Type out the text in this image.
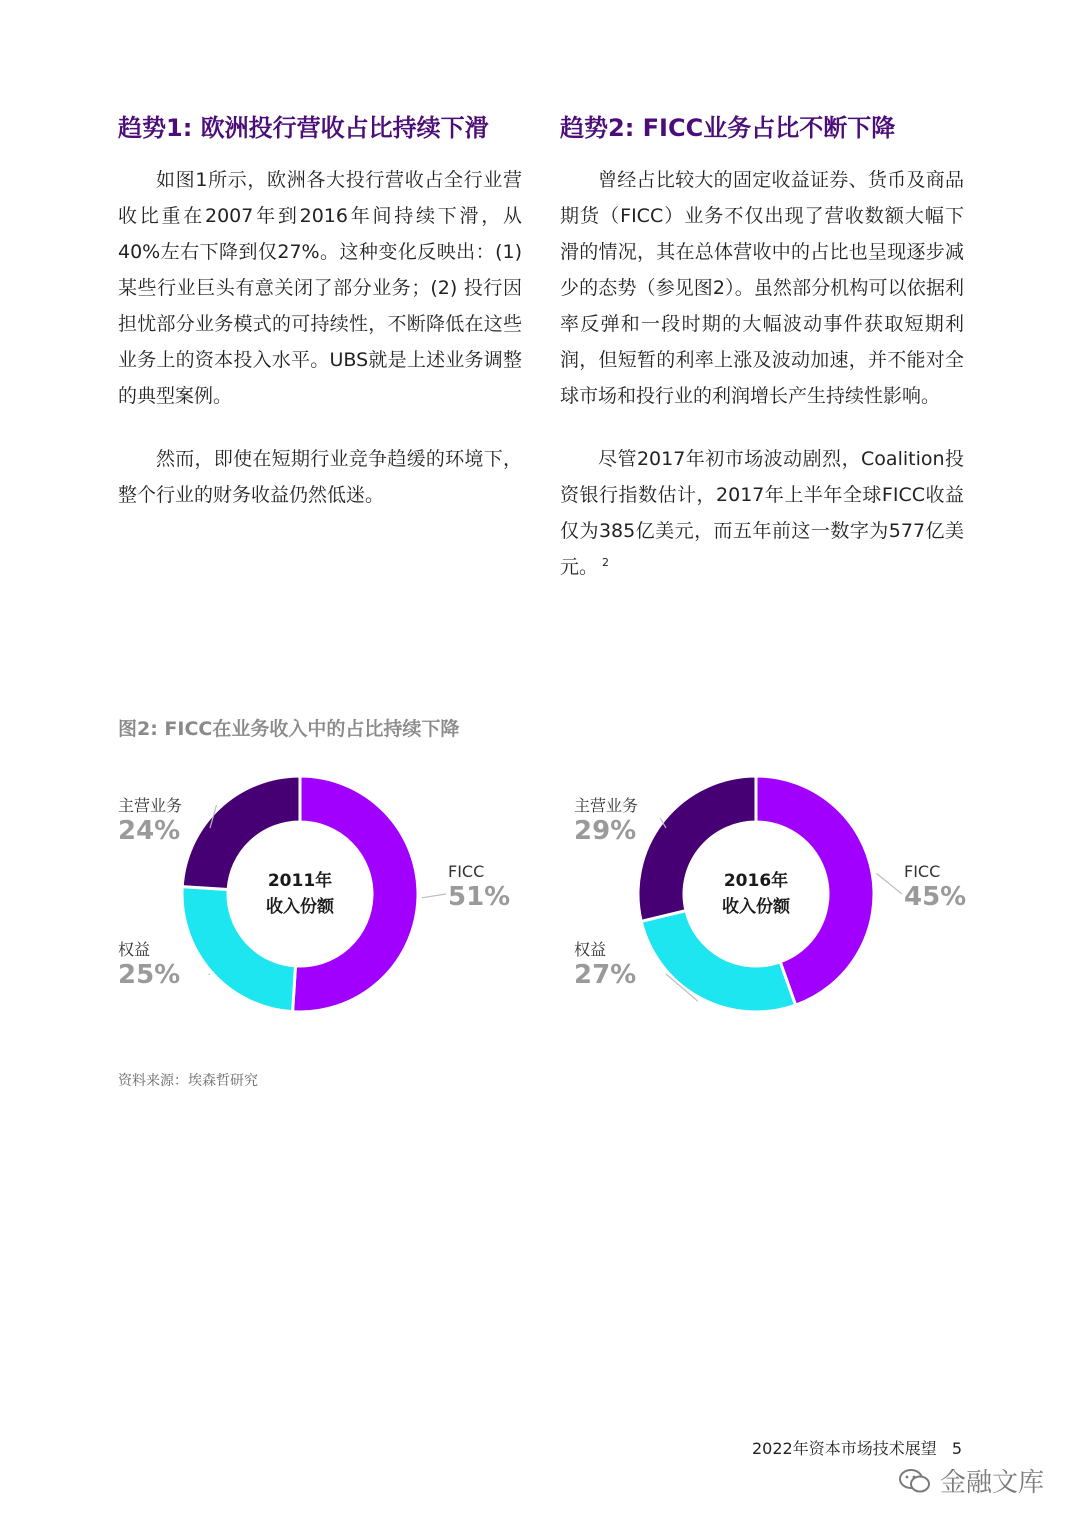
趋势1: 欧洲投行营收占比持续下滑

如图1所示，欧洲各大投行营收占全行业营收比重在2007年到2016年间持续下滑，从40%左右下降到仅27%。这种变化反映出：(1) 某些行业巨头有意关闭了部分业务；(2) 投行因担忧部分业务模式的可持续性，不断降低在这些业务上的资本投入水平。UBS就是上述业务调整的典型案例。

然而，即使在短期行业竞争趋缓的环境下，整个行业的财务收益仍然低迷。

趋势2: FICC业务占比不断下降

曾经占比较大的固定收益证券、货币及商品期货（FICC）业务不仅出现了营收数额大幅下滑的情况，其在总体营收中的占比也呈现逐步减少的态势（参见图2）。虽然部分机构可以依据利率反弹和一段时期的大幅波动事件获取短期利润，但短暂的利率上涨及波动加速，并不能对全球市场和投行业的利润增长产生持续性影响。

尽管2017年初市场波动剧烈，Coalition投资银行指数估计，2017年上半年全球FICC收益仅为385亿美元，而五年前这一数字为577亿美元。 $^2$

图2: FICC在业务收入中的占比持续下降
主营业务
24%
权益
25%
FICC
51%
2011年
收入份额
主营业务
29%
权益
27%
FICC
45%
2016年
收入份额
资料来源：埃森哲研究
2022年资本市场技术展望 5
金融文库
